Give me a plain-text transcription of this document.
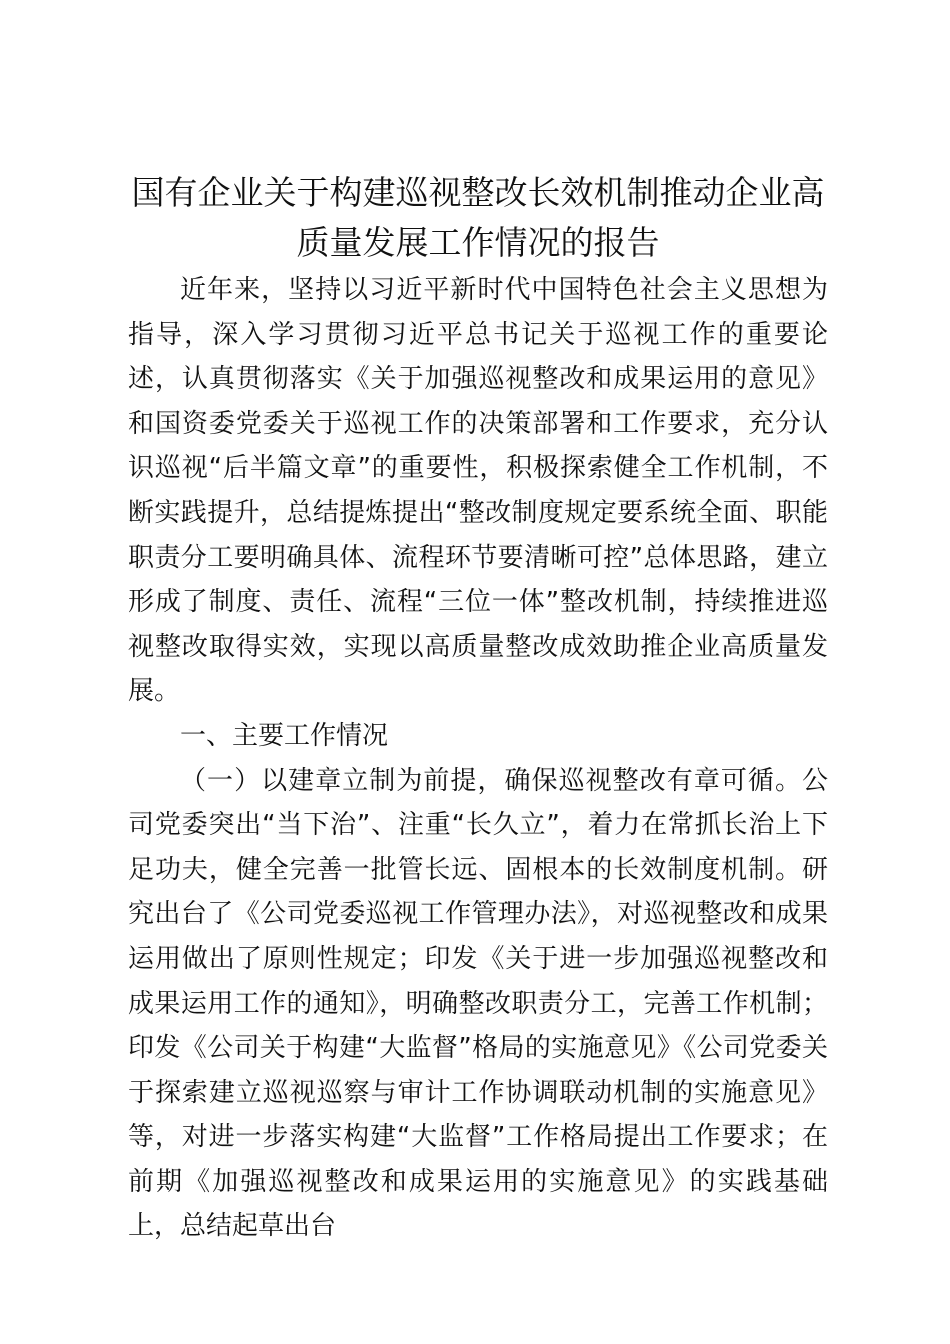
国有企业关于构建巡视整改长效机制推动企业高质量发展工作情况的报告

近年来，坚持以习近平新时代中国特色社会主义思想为指导，深入学习贯彻习近平总书记关于巡视工作的重要论述，认真贯彻落实《关于加强巡视整改和成果运用的意见》和国资委党委关于巡视工作的决策部署和工作要求，充分认识巡视“后半篇文章”的重要性，积极探索健全工作机制，不断实践提升，总结提炼提出“整改制度规定要系统全面、职能职责分工要明确具体、流程环节要清晰可控”总体思路，建立形成了制度、责任、流程“三位一体”整改机制，持续推进巡视整改取得实效，实现以高质量整改成效助推企业高质量发展。

一、主要工作情况

（一）以建章立制为前提，确保巡视整改有章可循。公司党委突出“当下治”、注重“长久立”，着力在常抓长治上下足功夫，健全完善一批管长远、固根本的长效制度机制。研究出台了《公司党委巡视工作管理办法》，对巡视整改和成果运用做出了原则性规定；印发《关于进一步加强巡视整改和成果运用工作的通知》，明确整改职责分工，完善工作机制；印发《公司关于构建“大监督”格局的实施意见》《公司党委关于探索建立巡视巡察与审计工作协调联动机制的实施意见》等，对进一步落实构建“大监督”工作格局提出工作要求；在前期《加强巡视整改和成果运用的实施意见》的实践基础上，总结起草出台
